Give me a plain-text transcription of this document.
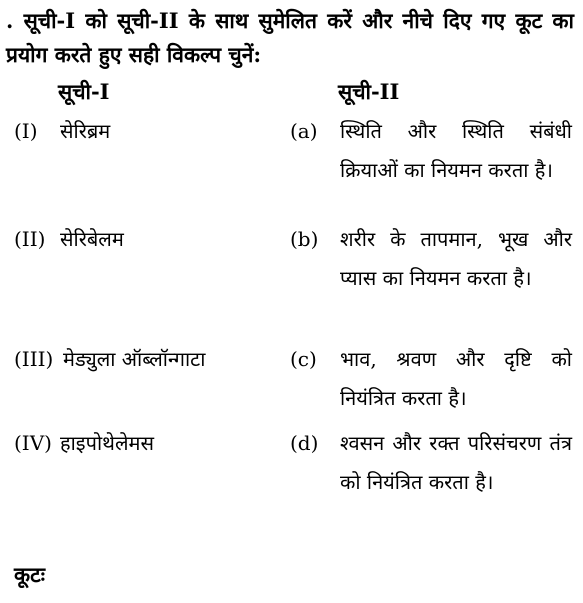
. सूची-I को सूची-II के साथ सुमेलित करें और नीचे दिए गए कूट का प्रयोग करते हुए सही विकल्प चुनें:
सूची-I	सूची-II
(I) सेरिब्रम	(a) स्थिति और स्थिति संबंधी क्रियाओं का नियमन करता है।
(II) सेरिबेलम	(b) शरीर के तापमान, भूख और प्यास का नियमन करता है।
(III) मेड्युला ऑब्लॉन्गाटा	(c) भाव, श्रवण और दृष्टि को नियंत्रित करता है।
(IV) हाइपोथेलेमस	(d) श्वसन और रक्त परिसंचरण तंत्र को नियंत्रित करता है।
कूटः
